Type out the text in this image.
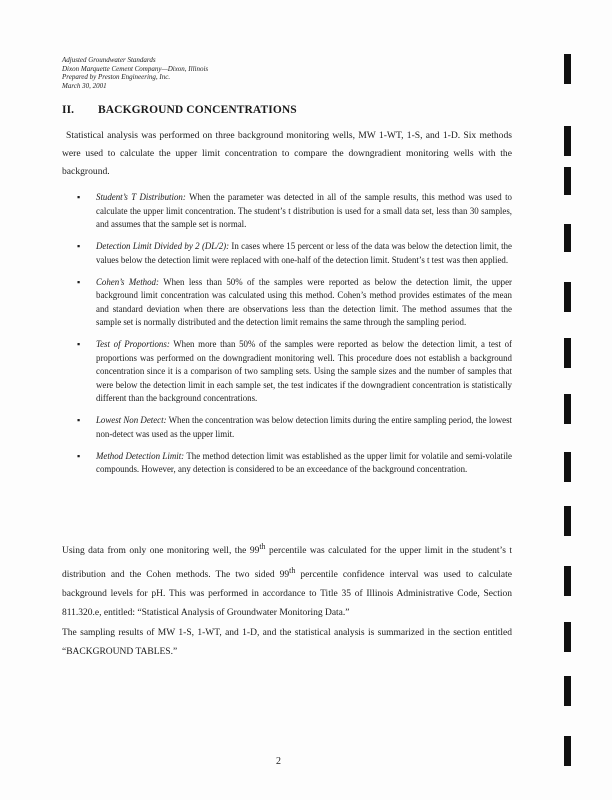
Adjusted Groundwater Standards
Dixon Marquette Cement Company—Dixon, Illinois
Prepared by Preston Engineering, Inc.
March 30, 2001
II. BACKGROUND CONCENTRATIONS
Statistical analysis was performed on three background monitoring wells, MW 1-WT, 1-S, and 1-D. Six methods were used to calculate the upper limit concentration to compare the downgradient monitoring wells with the background.
▪ Student’s T Distribution: When the parameter was detected in all of the sample results, this method was used to calculate the upper limit concentration. The student’s t distribution is used for a small data set, less than 30 samples, and assumes that the sample set is normal.
▪ Detection Limit Divided by 2 (DL/2): In cases where 15 percent or less of the data was below the detection limit, the values below the detection limit were replaced with one-half of the detection limit. Student’s t test was then applied.
▪ Cohen’s Method: When less than 50% of the samples were reported as below the detection limit, the upper background limit concentration was calculated using this method. Cohen’s method provides estimates of the mean and standard deviation when there are observations less than the detection limit. The method assumes that the sample set is normally distributed and the detection limit remains the same through the sampling period.
▪ Test of Proportions: When more than 50% of the samples were reported as below the detection limit, a test of proportions was performed on the downgradient monitoring well. This procedure does not establish a background concentration since it is a comparison of two sampling sets. Using the sample sizes and the number of samples that were below the detection limit in each sample set, the test indicates if the downgradient concentration is statistically different than the background concentrations.
▪ Lowest Non Detect: When the concentration was below detection limits during the entire sampling period, the lowest non-detect was used as the upper limit.
▪ Method Detection Limit: The method detection limit was established as the upper limit for volatile and semi-volatile compounds. However, any detection is considered to be an exceedance of the background concentration.
Using data from only one monitoring well, the 99th percentile was calculated for the upper limit in the student’s t distribution and the Cohen methods. The two sided 99th percentile confidence interval was used to calculate background levels for pH. This was performed in accordance to Title 35 of Illinois Administrative Code, Section 811.320.e, entitled: “Statistical Analysis of Groundwater Monitoring Data.”
The sampling results of MW 1-S, 1-WT, and 1-D, and the statistical analysis is summarized in the section entitled “BACKGROUND TABLES.”
2
